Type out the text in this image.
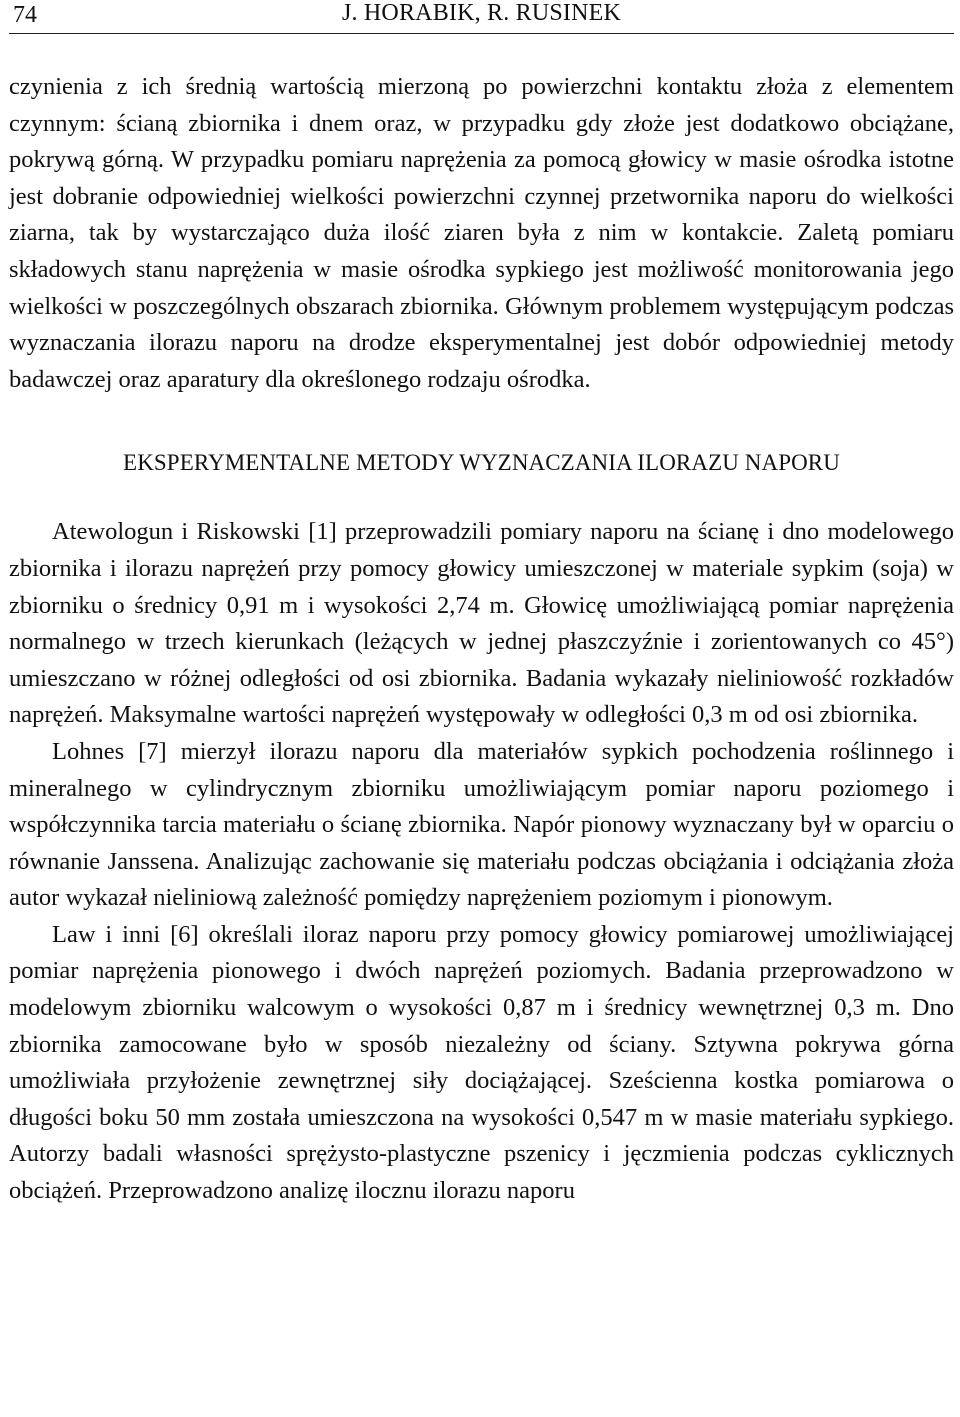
74	J. HORABIK, R. RUSINEK

czynienia z ich średnią wartością mierzoną po powierzchni kontaktu złoża z elementem czynnym: ścianą zbiornika i dnem oraz, w przypadku gdy złoże jest dodatkowo obciążane, pokrywą górną. W przypadku pomiaru naprężenia za pomocą głowicy w masie ośrodka istotne jest dobranie odpowiedniej wielkości powierzchni czynnej przetwornika naporu do wielkości ziarna, tak by wystarczająco duża ilość ziaren była z nim w kontakcie. Zaletą pomiaru składowych stanu naprężenia w masie ośrodka sypkiego jest możliwość monitorowania jego wielkości w poszczególnych obszarach zbiornika. Głównym problemem występującym podczas wyznaczania ilorazu naporu na drodze eksperymentalnej jest dobór odpowiedniej metody badawczej oraz aparatury dla określonego rodzaju ośrodka.

EKSPERYMENTALNE METODY WYZNACZANIA ILORAZU NAPORU

Atewologun i Riskowski [1] przeprowadzili pomiary naporu na ścianę i dno modelowego zbiornika i ilorazu naprężeń przy pomocy głowicy umieszczonej w materiale sypkim (soja) w zbiorniku o średnicy 0,91 m i wysokości 2,74 m. Głowicę umożliwiającą pomiar naprężenia normalnego w trzech kierunkach (leżących w jednej płaszczyźnie i zorientowanych co 45°) umieszczano w różnej odległości od osi zbiornika. Badania wykazały nieliniowość rozkładów naprężeń. Maksymalne wartości naprężeń występowały w odległości 0,3 m od osi zbiornika.

Lohnes [7] mierzył ilorazu naporu dla materiałów sypkich pochodzenia roślinnego i mineralnego w cylindrycznym zbiorniku umożliwiającym pomiar naporu poziomego i współczynnika tarcia materiału o ścianę zbiornika. Napór pionowy wyznaczany był w oparciu o równanie Janssena. Analizując zachowanie się materiału podczas obciążania i odciążania złoża autor wykazał nieliniową zależność pomiędzy naprężeniem poziomym i pionowym.

Law i inni [6] określali iloraz naporu przy pomocy głowicy pomiarowej umożliwiającej pomiar naprężenia pionowego i dwóch naprężeń poziomych. Badania przeprowadzono w modelowym zbiorniku walcowym o wysokości 0,87 m i średnicy wewnętrznej 0,3 m. Dno zbiornika zamocowane było w sposób niezależny od ściany. Sztywna pokrywa górna umożliwiała przyłożenie zewnętrznej siły dociążającej. Sześcienna kostka pomiarowa o długości boku 50 mm została umieszczona na wysokości 0,547 m w masie materiału sypkiego. Autorzy badali własności sprężysto-plastyczne pszenicy i jęczmienia podczas cyklicznych obciążeń. Przeprowadzono analizę ilocznu ilorazu naporu
